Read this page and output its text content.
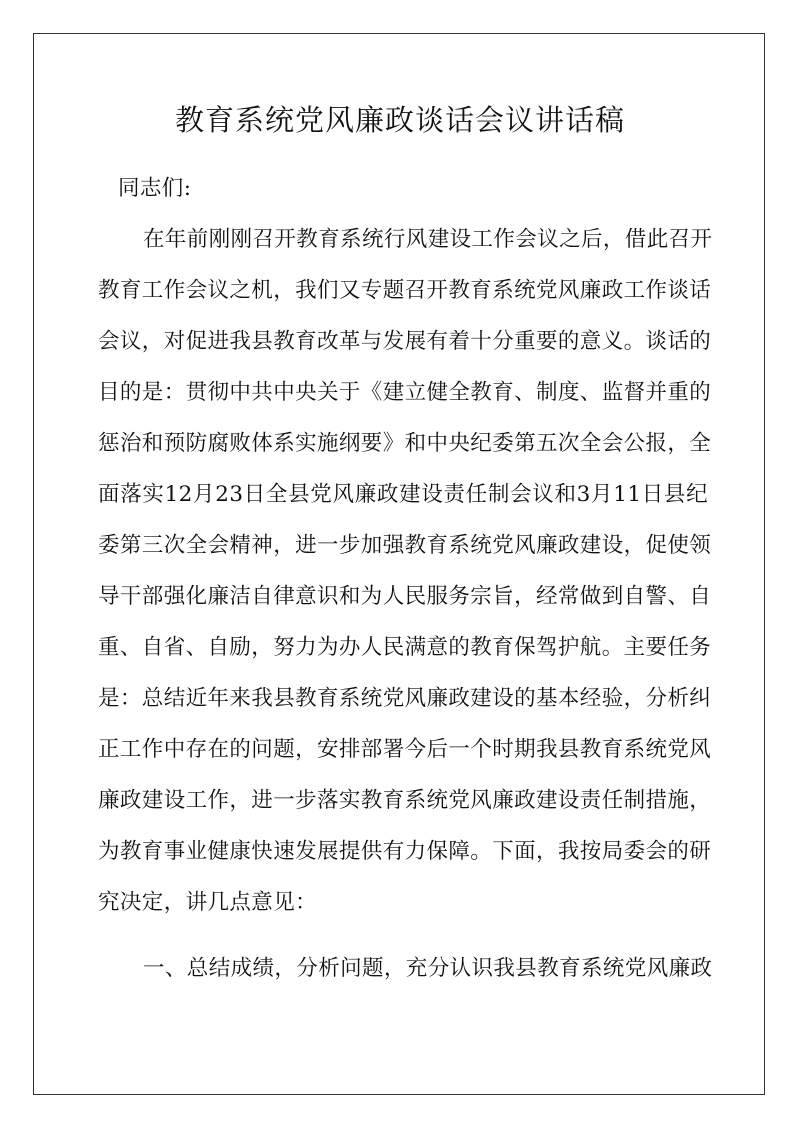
教育系统党风廉政谈话会议讲话稿
同志们:
在年前刚刚召开教育系统行风建设工作会议之后，借此召开
教育工作会议之机，我们又专题召开教育系统党风廉政工作谈话
会议，对促进我县教育改革与发展有着十分重要的意义。谈话的
目的是：贯彻中共中央关于《建立健全教育、制度、监督并重的
惩治和预防腐败体系实施纲要》和中央纪委第五次全会公报，全
面落实12月23日全县党风廉政建设责任制会议和3月11日县纪
委第三次全会精神，进一步加强教育系统党风廉政建设，促使领
导干部强化廉洁自律意识和为人民服务宗旨，经常做到自警、自
重、自省、自励，努力为办人民满意的教育保驾护航。主要任务
是：总结近年来我县教育系统党风廉政建设的基本经验，分析纠
正工作中存在的问题，安排部署今后一个时期我县教育系统党风
廉政建设工作，进一步落实教育系统党风廉政建设责任制措施，
为教育事业健康快速发展提供有力保障。下面，我按局委会的研
究决定，讲几点意见：
一、总结成绩，分析问题，充分认识我县教育系统党风廉政
